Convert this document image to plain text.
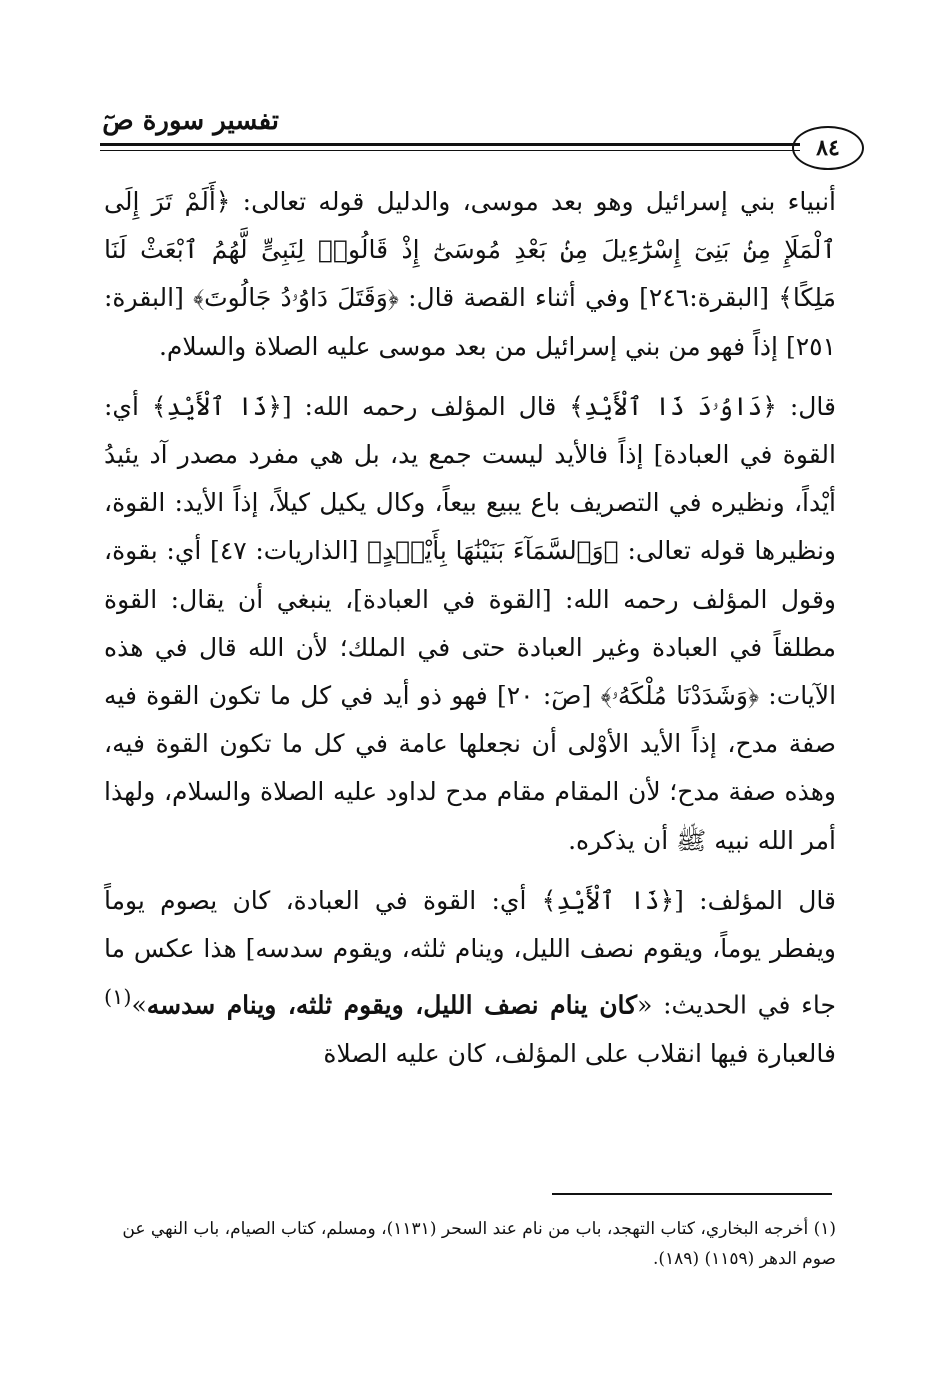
تفسير سورة صٓ
٨٤

أنبياء بني إسرائيل وهو بعد موسى، والدليل قوله تعالى: ﴿أَلَمْ تَرَ إِلَى ٱلْمَلَإِ مِنۢ بَنِىٓ إِسْرَٰٓءِيلَ مِنۢ بَعْدِ مُوسَىٰٓ إِذْ قَالُوا۟ لِنَبِىٍّ لَّهُمُ ٱبْعَثْ لَنَا مَلِكًا﴾ [البقرة:٢٤٦] وفي أثناء القصة قال: ﴿وَقَتَلَ دَاوُۥدُ جَالُوتَ﴾ [البقرة: ٢٥١] إذاً فهو من بني إسرائيل من بعد موسى عليه الصلاة والسلام.

قال: ﴿دَاوُۥدَ ذَا ٱلْأَيْدِ﴾ قال المؤلف رحمه الله: [﴿ذَا ٱلْأَيْدِ﴾ أي: القوة في العبادة] إذاً فالأيد ليست جمع يد، بل هي مفرد مصدر آد يئيدُ أيْداً، ونظيره في التصريف باع يبيع بيعاً، وكال يكيل كيلاً، إذاً الأيد: القوة، ونظيرها قوله تعالى: ﴿وَٱلسَّمَآءَ بَنَيْنَٰهَا بِأَيْي۟دٍ﴾ [الذاريات: ٤٧] أي: بقوة، وقول المؤلف رحمه الله: [القوة في العبادة]، ينبغي أن يقال: القوة مطلقاً في العبادة وغير العبادة حتى في الملك؛ لأن الله قال في هذه الآيات: ﴿وَشَدَدْنَا مُلْكَهُۥ﴾ [صٓ: ٢٠] فهو ذو أيد في كل ما تكون القوة فيه صفة مدح، إذاً الأيد الأوْلى أن نجعلها عامة في كل ما تكون القوة فيه، وهذه صفة مدح؛ لأن المقام مقام مدح لداود عليه الصلاة والسلام، ولهذا أمر الله نبيه ﷺ أن يذكره.

قال المؤلف: [﴿ذَا ٱلْأَيْدِ﴾ أي: القوة في العبادة، كان يصوم يوماً ويفطر يوماً، ويقوم نصف الليل، وينام ثلثه، ويقوم سدسه] هذا عكس ما جاء في الحديث: «كان ينام نصف الليل، ويقوم ثلثه، وينام سدسه»$^{(١)}$ فالعبارة فيها انقلاب على المؤلف، كان عليه الصلاة

(١) أخرجه البخاري، كتاب التهجد، باب من نام عند السحر (١١٣١)، ومسلم، كتاب الصيام، باب النهي عن صوم الدهر (١١٥٩) (١٨٩).
